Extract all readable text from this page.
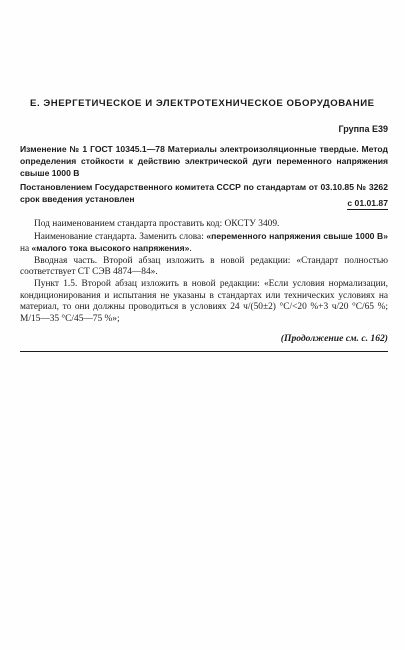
Е. ЭНЕРГЕТИЧЕСКОЕ И ЭЛЕКТРОТЕХНИЧЕСКОЕ ОБОРУДОВАНИЕ
Группа Е39
Изменение № 1 ГОСТ 10345.1—78 Материалы электроизоляционные твердые. Метод определения стойкости к действию электрической дуги переменного напряжения свыше 1000 В
Постановлением Государственного комитета СССР по стандартам от 03.10.85 № 3262 срок введения установлен	с 01.01.87

Под наименованием стандарта проставить код: ОКСТУ 3409.

Наименование стандарта. Заменить слова: «переменного напряжения свыше 1000 В» на «малого тока высокого напряжения».

Вводная часть. Второй абзац изложить в новой редакции: «Стандарт полностью соответствует СТ СЭВ 4874—84».

Пункт 1.5. Второй абзац изложить в новой редакции: «Если условия нормализации, кондиционирования и испытания не указаны в стандартах или технических условиях на материал, то они должны проводиться в условиях 24 ч/(50±2) °С/<20 %+3 ч/20 °С/65 %; М/15—35 °С/45—75 %»;

(Продолжение см. с. 162)
